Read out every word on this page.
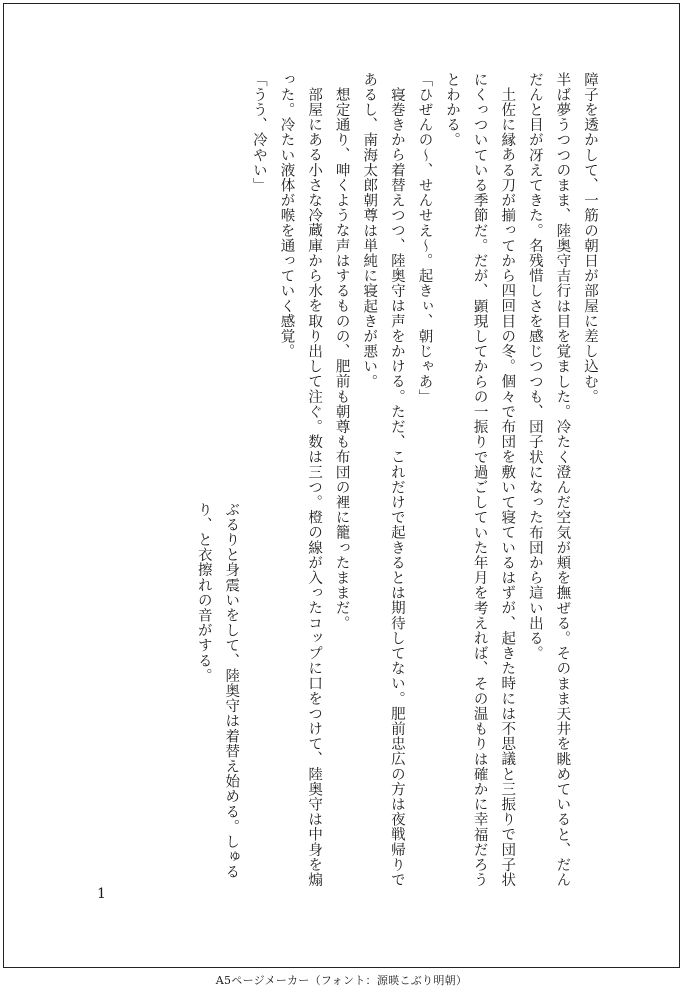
障子を透かして、一筋の朝日が部屋に差し込む。

半ば夢うつつのまま、陸奥守吉行は目を覚ました。冷たく澄んだ空気が頬を撫ぜる。そのまま天井を眺めていると、だんだんと目が冴えてきた。名残惜しさを感じつつも、団子状になった布団から這い出る。

土佐に縁ある刀が揃ってから四回目の冬。個々で布団を敷いて寝ているはずが、起きた時には不思議と三振りで団子状にくっついている季節だ。だが、顕現してからの一振りで過ごしていた年月を考えれば、その温もりは確かに幸福だろうとわかる。

「ひぜんの〜、せんせえ〜。起きぃ、朝じゃあ」

寝巻きから着替えつつ、陸奥守は声をかける。ただ、これだけで起きるとは期待してない。肥前忠広の方は夜戦帰りであるし、南海太郎朝尊は単純に寝起きが悪い。

想定通り、呻くような声はするものの、肥前も朝尊も布団の裡に籠ったままだ。

部屋にある小さな冷蔵庫から水を取り出して注ぐ。数は三つ。橙の線が入ったコップに口をつけて、陸奥守は中身を煽った。冷たい液体が喉を通っていく感覚。

「うう、冷やい」

ぶるりと身震いをして、陸奥守は着替え始める。しゅるり、と衣擦れの音がする。

1
A5ページメーカー（フォント：源暎こぶり明朝）
